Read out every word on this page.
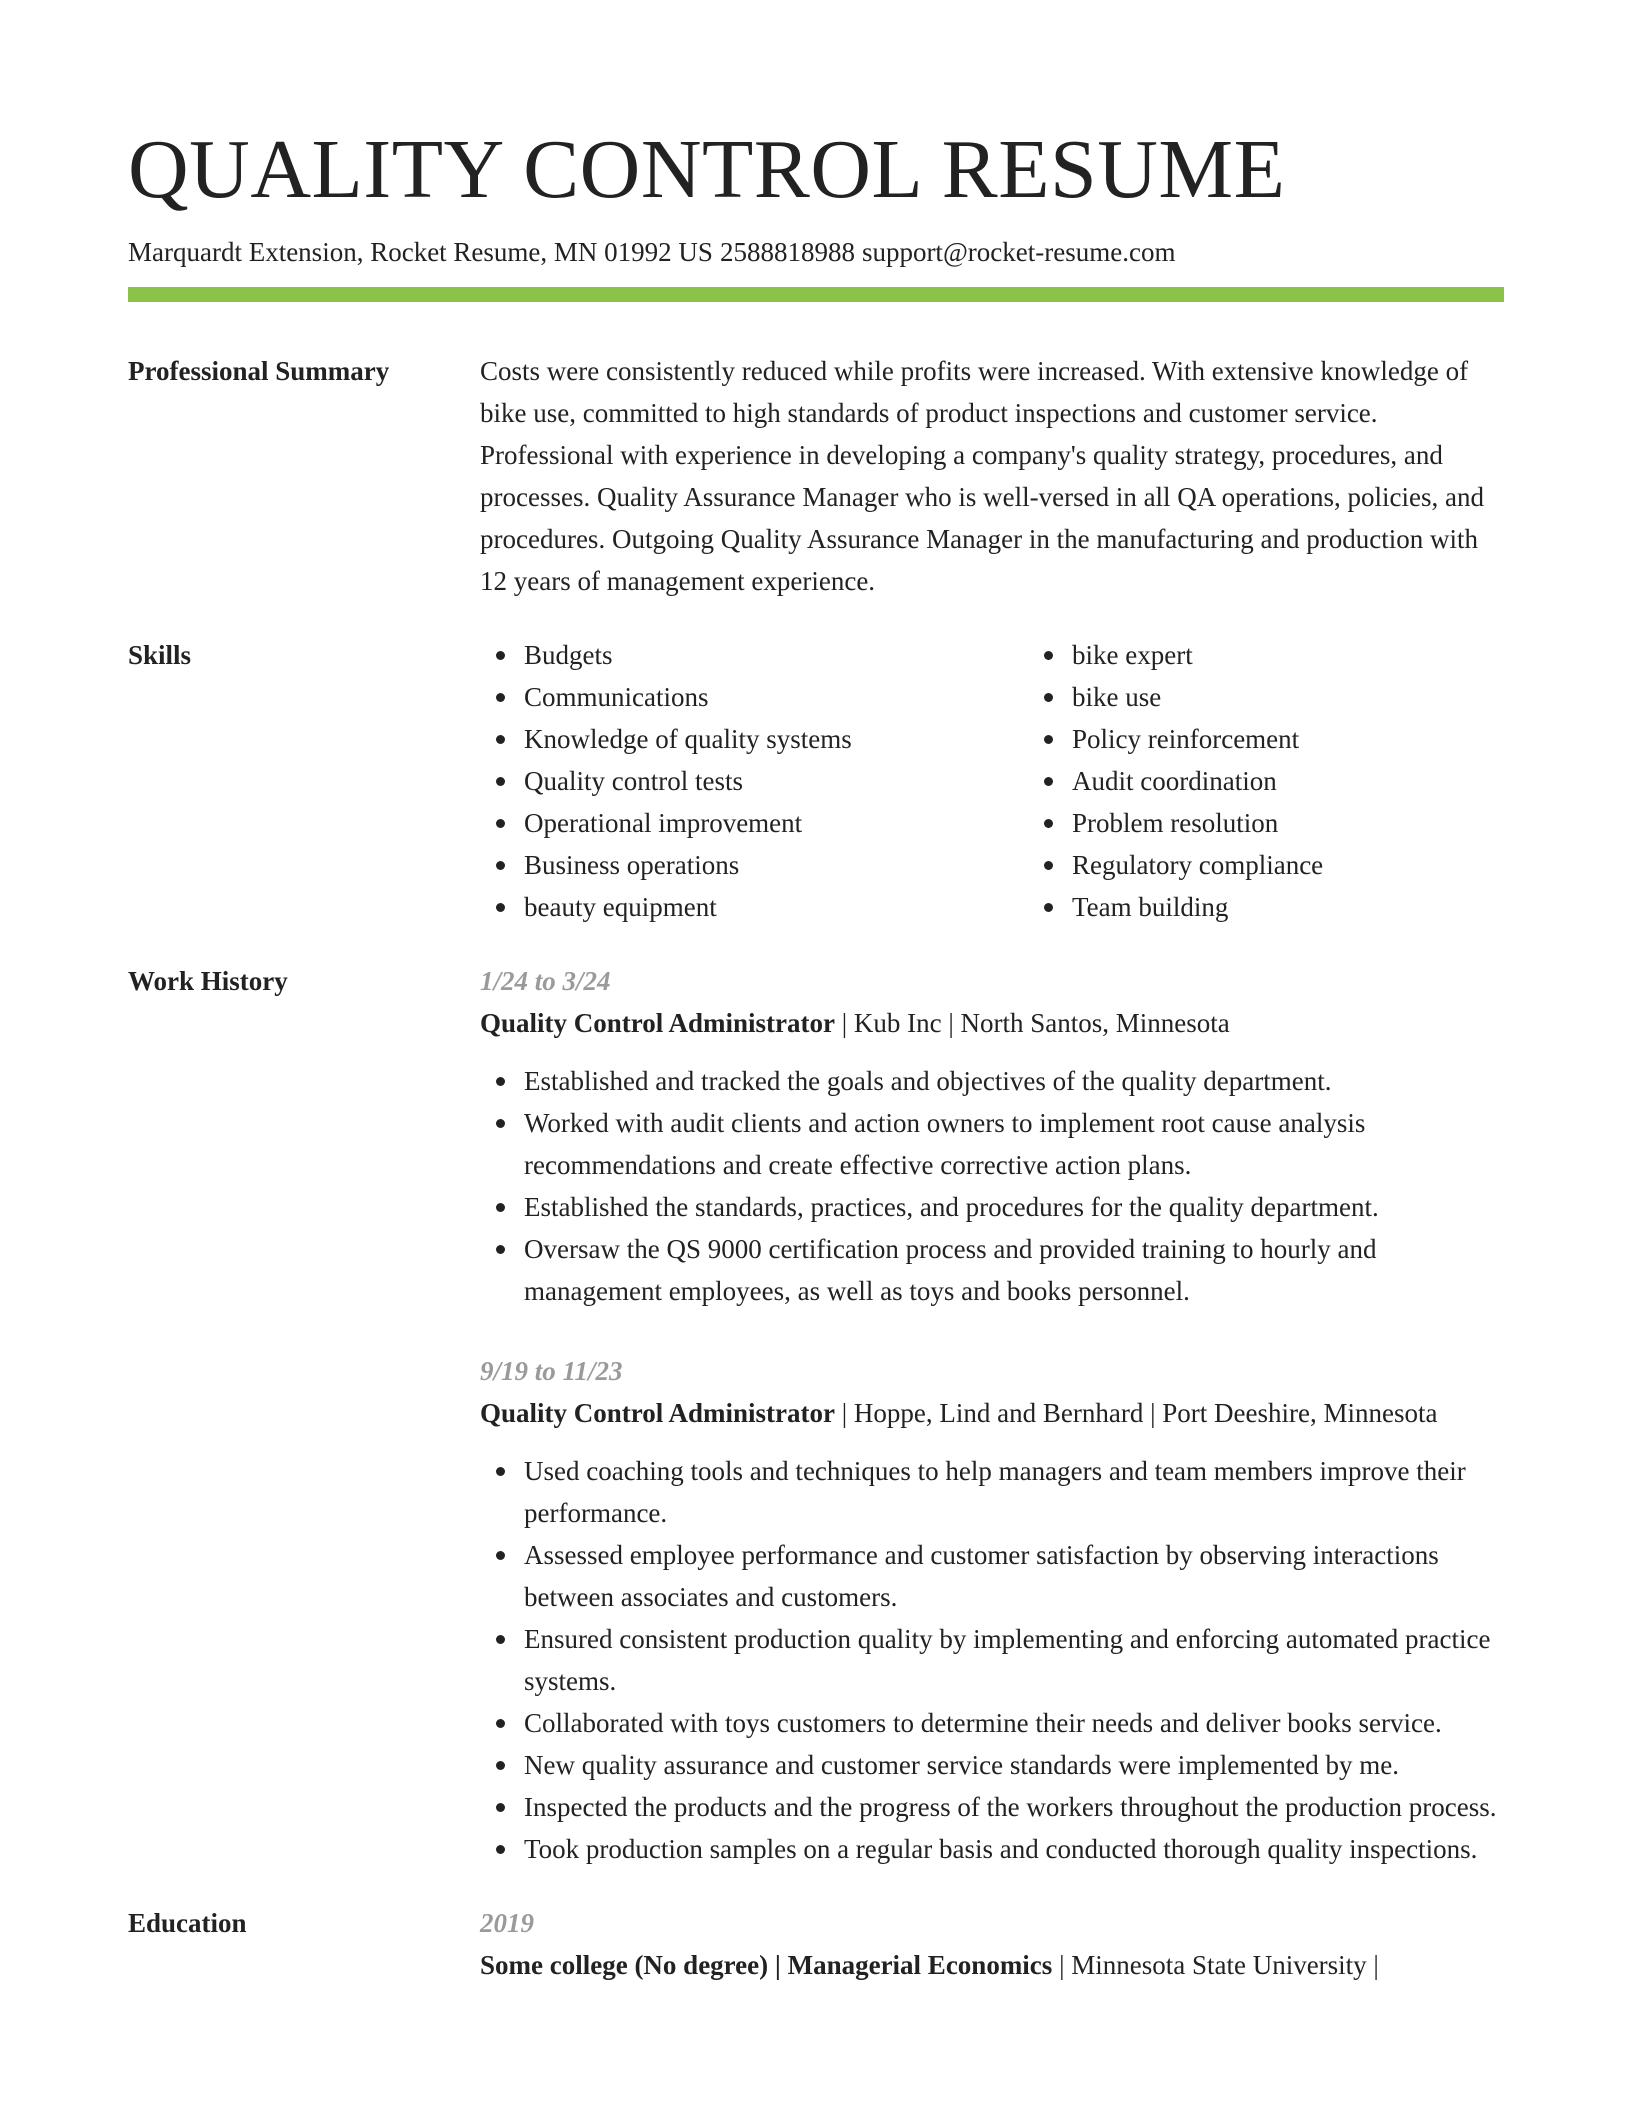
QUALITY CONTROL RESUME
Marquardt Extension, Rocket Resume, MN 01992 US 2588818988 support@rocket-resume.com
Professional Summary	Costs were consistently reduced while profits were increased. With extensive knowledge of bike use, committed to high standards of product inspections and customer service. Professional with experience in developing a company's quality strategy, procedures, and processes. Quality Assurance Manager who is well-versed in all QA operations, policies, and procedures. Outgoing Quality Assurance Manager in the manufacturing and production with 12 years of management experience.

Skills	Budgets
Communications
Knowledge of quality systems
Quality control tests
Operational improvement
Business operations
beauty equipment
bike expert
bike use
Policy reinforcement
Audit coordination
Problem resolution
Regulatory compliance
Team building
Work History	1/24 to 3/24

Quality Control Administrator | Kub Inc | North Santos, Minnesota

Established and tracked the goals and objectives of the quality department.
Worked with audit clients and action owners to implement root cause analysis recommendations and create effective corrective action plans.
Established the standards, practices, and procedures for the quality department.
Oversaw the QS 9000 certification process and provided training to hourly and management employees, as well as toys and books personnel.
9/19 to 11/23

Quality Control Administrator | Hoppe, Lind and Bernhard | Port Deeshire, Minnesota

Used coaching tools and techniques to help managers and team members improve their performance.
Assessed employee performance and customer satisfaction by observing interactions between associates and customers.
Ensured consistent production quality by implementing and enforcing automated practice systems.
Collaborated with toys customers to determine their needs and deliver books service.
New quality assurance and customer service standards were implemented by me.
Inspected the products and the progress of the workers throughout the production process.
Took production samples on a regular basis and conducted thorough quality inspections.
Education	2019

Some college (No degree) | Managerial Economics | Minnesota State University |
